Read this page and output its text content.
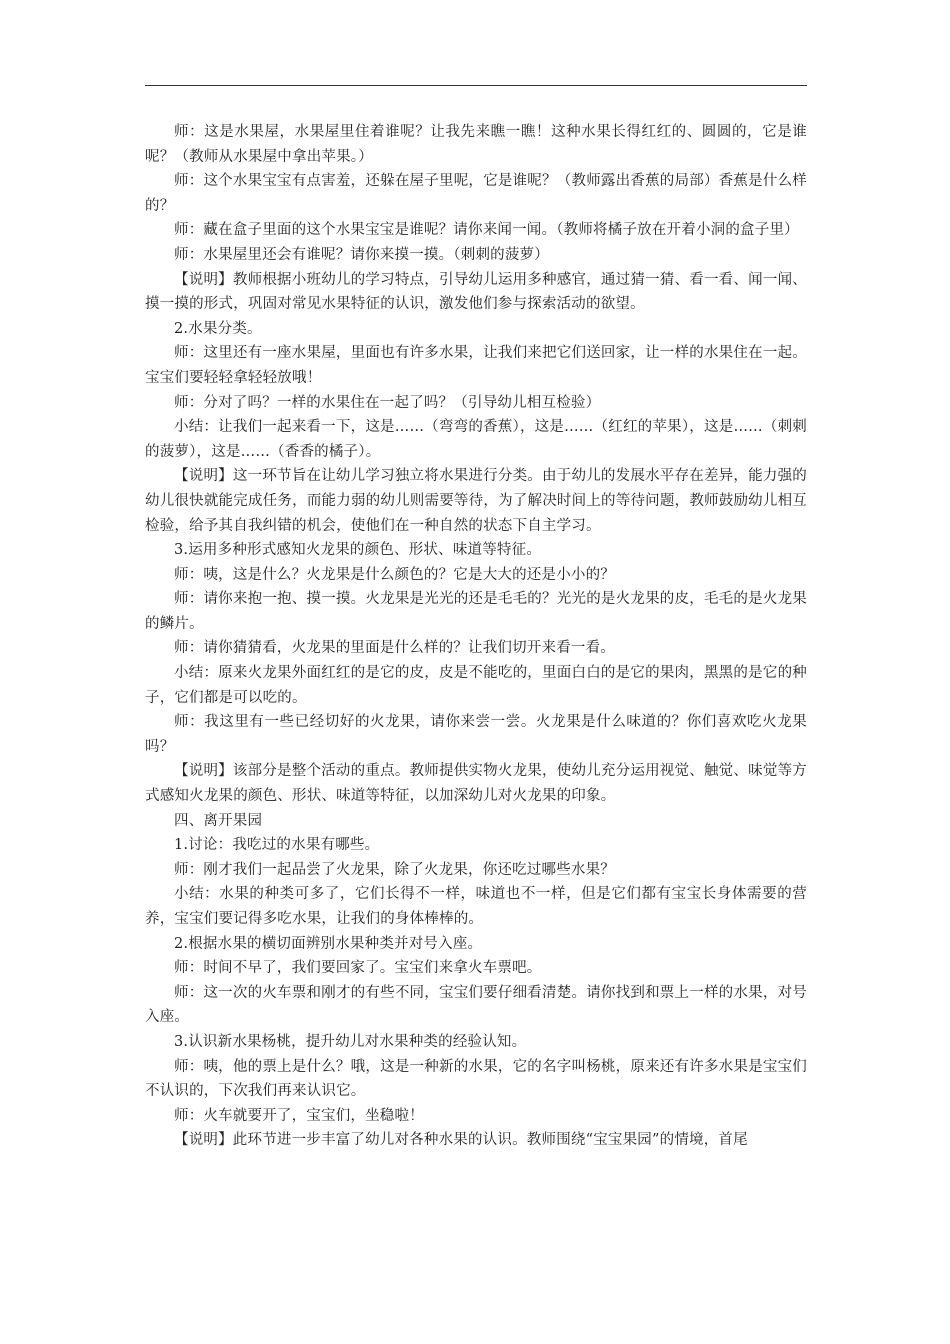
师：这是水果屋，水果屋里住着谁呢？让我先来瞧一瞧！这种水果长得红红的、圆圆的，它是谁呢？（教师从水果屋中拿出苹果。）

师：这个水果宝宝有点害羞，还躲在屋子里呢，它是谁呢？（教师露出香蕉的局部）香蕉是什么样的？

师：藏在盒子里面的这个水果宝宝是谁呢？请你来闻一闻。（教师将橘子放在开着小洞的盒子里）

师：水果屋里还会有谁呢？请你来摸一摸。（刺刺的菠萝）

【说明】教师根据小班幼儿的学习特点，引导幼儿运用多种感官，通过猜一猜、看一看、闻一闻、摸一摸的形式，巩固对常见水果特征的认识，激发他们参与探索活动的欲望。

2.水果分类。

师：这里还有一座水果屋，里面也有许多水果，让我们来把它们送回家，让一样的水果住在一起。宝宝们要轻轻拿轻轻放哦！

师：分对了吗？一样的水果住在一起了吗？（引导幼儿相互检验）

小结：让我们一起来看一下，这是……（弯弯的香蕉），这是……（红红的苹果），这是……（刺刺的菠萝），这是……（香香的橘子）。

【说明】这一环节旨在让幼儿学习独立将水果进行分类。由于幼儿的发展水平存在差异，能力强的幼儿很快就能完成任务，而能力弱的幼儿则需要等待，为了解决时间上的等待问题，教师鼓励幼儿相互检验，给予其自我纠错的机会，使他们在一种自然的状态下自主学习。

3.运用多种形式感知火龙果的颜色、形状、味道等特征。

师：咦，这是什么？火龙果是什么颜色的？它是大大的还是小小的？

师：请你来抱一抱、摸一摸。火龙果是光光的还是毛毛的？光光的是火龙果的皮，毛毛的是火龙果的鳞片。

师：请你猜猜看，火龙果的里面是什么样的？让我们切开来看一看。

小结：原来火龙果外面红红的是它的皮，皮是不能吃的，里面白白的是它的果肉，黑黑的是它的种子，它们都是可以吃的。

师：我这里有一些已经切好的火龙果，请你来尝一尝。火龙果是什么味道的？你们喜欢吃火龙果吗？

【说明】该部分是整个活动的重点。教师提供实物火龙果，使幼儿充分运用视觉、触觉、味觉等方式感知火龙果的颜色、形状、味道等特征，以加深幼儿对火龙果的印象。

四、离开果园

1.讨论：我吃过的水果有哪些。

师：刚才我们一起品尝了火龙果，除了火龙果，你还吃过哪些水果？

小结：水果的种类可多了，它们长得不一样，味道也不一样，但是它们都有宝宝长身体需要的营养，宝宝们要记得多吃水果，让我们的身体棒棒的。

2.根据水果的横切面辨别水果种类并对号入座。

师：时间不早了，我们要回家了。宝宝们来拿火车票吧。

师：这一次的火车票和刚才的有些不同，宝宝们要仔细看清楚。请你找到和票上一样的水果，对号入座。

3.认识新水果杨桃，提升幼儿对水果种类的经验认知。

师：咦，他的票上是什么？哦，这是一种新的水果，它的名字叫杨桃，原来还有许多水果是宝宝们不认识的，下次我们再来认识它。

师：火车就要开了，宝宝们，坐稳啦！

【说明】此环节进一步丰富了幼儿对各种水果的认识。教师围绕“宝宝果园”的情境，首尾
